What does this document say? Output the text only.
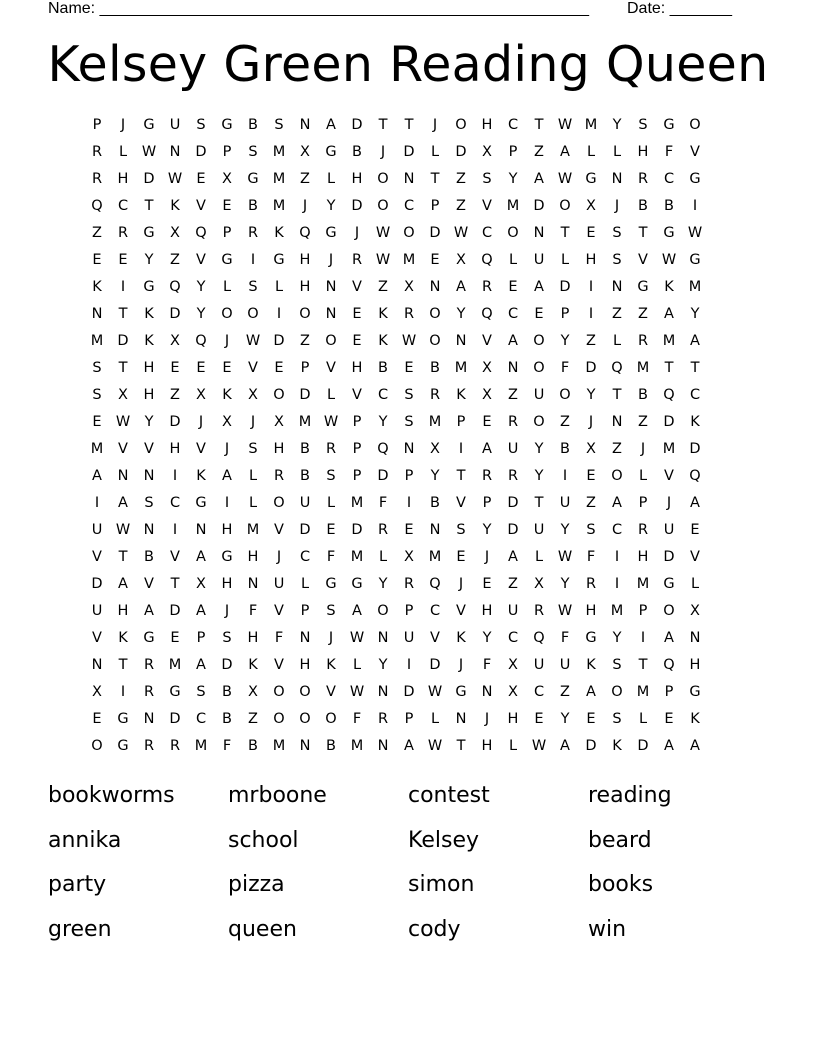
Name: _______________________________________________________ Date: _______
Kelsey Green Reading Queen
P	J	G	U	S	G	B	S	N	A	D	T	T	J	O	H	C	T W M	Y	S	G	O
R	L	W N	D	P	S	M	X	G	B	J	D	L	D	X	P	Z	A	L	L	H	F	V
R	H	D W E	X	G M	Z	L	H	O	N	T	Z	S	Y	A W G	N	R	C	G
Q	C	T	K	V	E	B	M	J	Y	D	O	C	P	Z	V	M D	O	X	J	B	B	I
Z	R	G	X	Q	P	R	K	Q	G	J	W O	D W C	O	N	T	E	S	T	G W
E	E	Y	Z	V	G	I	G	H	J	R W M	E	X	Q	L	U	L	H	S	V W G
K	I	G	Q	Y	L	S	L	H	N	V	Z	X	N	A	R	E	A	D	I	N	G	K	M
N	T	K	D	Y	O	O	I	O	N	E	K	R	O	Y	Q	C	E	P	I	Z	Z	A	Y
M D	K	X	Q	J	W D	Z	O	E	K W O	N	V	A	O	Y	Z	L	R	M	A
S	T	H	E	E	E	V	E	P	V	H	B	E	B	M	X	N	O	F	D	Q M	T	T
S	X	H	Z	X	K	X	O	D	L	V	C	S	R	K	X	Z	U	O	Y	T	B	Q	C
E W Y	D	J	X	J	X	M W P	Y	S	M	P	E	R	O	Z	J	N	Z	D	K
M	V	V	H	V	J	S	H	B	R	P	Q	N	X	I	A	U	Y	B	X	Z	J	M D
A	N	N	I	K	A	L	R	B	S	P	D	P	Y	T	R	R	Y	I	E	O	L	V	Q
I	A	S	C	G	I	L	O	U	L	M	F	I	B	V	P	D	T	U	Z	A	P	J	A
U W N	I	N	H M	V	D	E	D	R	E	N	S	Y	D	U	Y	S	C	R	U	E
V	T	B	V	A	G	H	J	C	F	M	L	X	M	E	J	A	L	W	F	I	H	D	V
D	A	V	T	X	H	N	U	L	G	G	Y	R	Q	J	E	Z	X	Y	R	I	M G	L
U	H	A	D	A	J	F	V	P	S	A	O	P	C	V	H	U	R W H M	P	O	X
V	K	G	E	P	S	H	F	N	J	W N	U	V	K	Y	C	Q	F	G	Y	I	A	N
N	T	R	M	A	D	K	V	H	K	L	Y	I	D	J	F	X	U	U	K	S	T	Q	H
X	I	R	G	S	B	X	O	O	V W N	D W G	N	X	C	Z	A	O M	P	G
E	G	N	D	C	B	Z	O	O	O	F	R	P	L	N	J	H	E	Y	E	S	L	E	K
O	G	R	R	M	F	B	M N	B	M N	A W T	H	L	W A	D	K	D	A	A
bookworms	mrboone	contest	reading
annika	school	Kelsey	beard
party	pizza	simon	books
green	queen	cody	win
